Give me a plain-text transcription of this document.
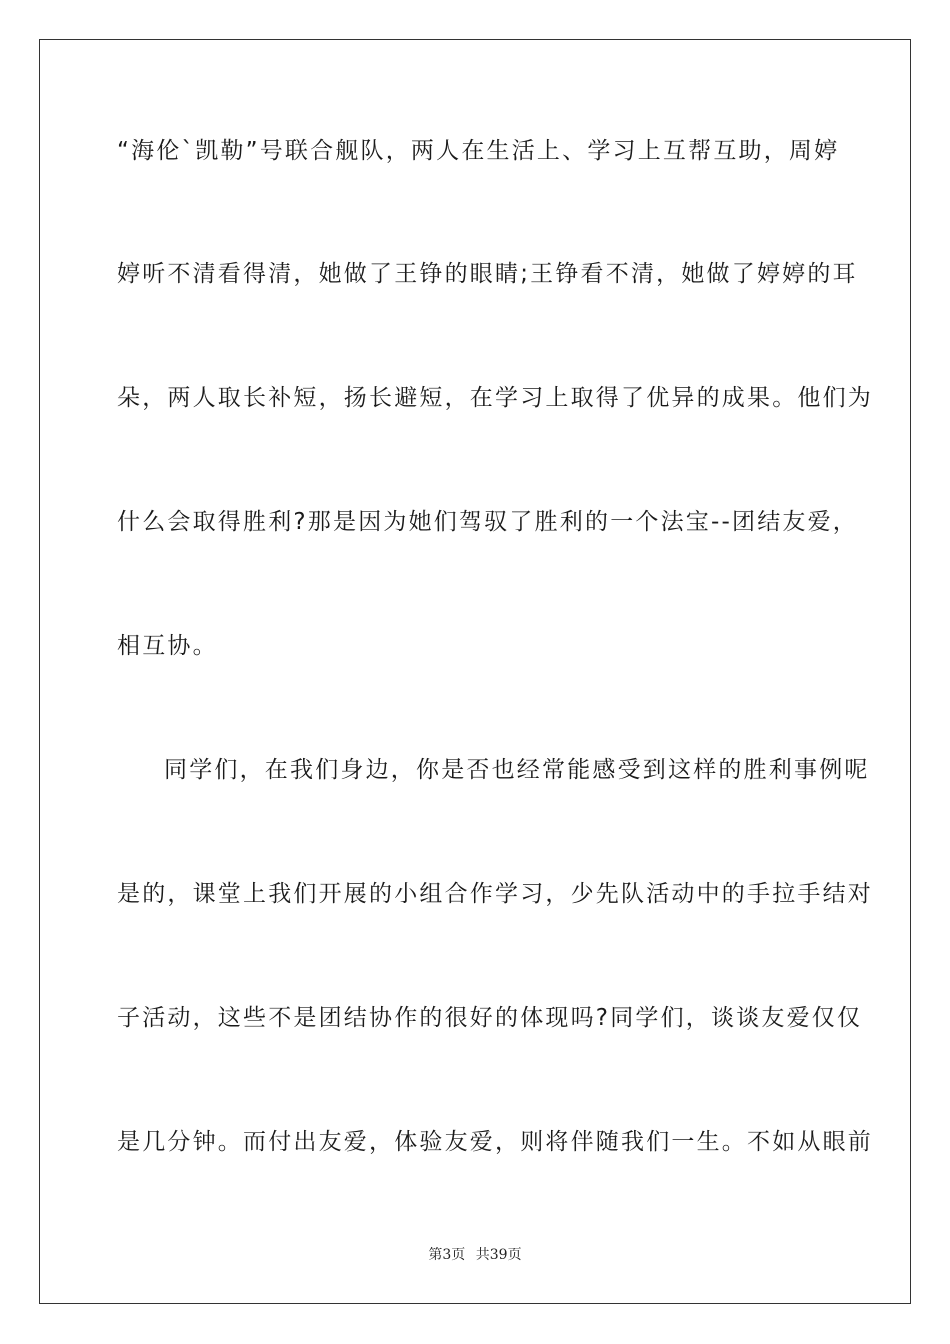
“海伦`凯勒”号联合舰队，两人在生活上、学习上互帮互助，周婷
婷听不清看得清，她做了王铮的眼睛;王铮看不清，她做了婷婷的耳
朵，两人取长补短，扬长避短，在学习上取得了优异的成果。他们为
什么会取得胜利?那是因为她们驾驭了胜利的一个法宝--团结友爱，
相互协。
同学们，在我们身边，你是否也经常能感受到这样的胜利事例呢
是的，课堂上我们开展的小组合作学习，少先队活动中的手拉手结对
子活动，这些不是团结协作的很好的体现吗?同学们，谈谈友爱仅仅
是几分钟。而付出友爱，体验友爱，则将伴随我们一生。不如从眼前
第3页 共39页
